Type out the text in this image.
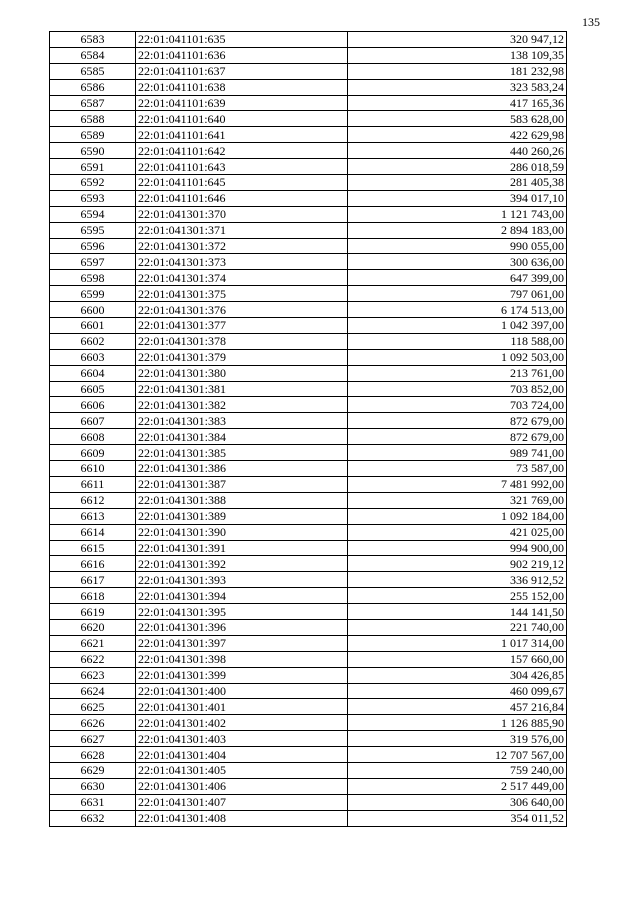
135
6583	22:01:041101:635	320 947,12
6584	22:01:041101:636	138 109,35
6585	22:01:041101:637	181 232,98
6586	22:01:041101:638	323 583,24
6587	22:01:041101:639	417 165,36
6588	22:01:041101:640	583 628,00
6589	22:01:041101:641	422 629,98
6590	22:01:041101:642	440 260,26
6591	22:01:041101:643	286 018,59
6592	22:01:041101:645	281 405,38
6593	22:01:041101:646	394 017,10
6594	22:01:041301:370	1 121 743,00
6595	22:01:041301:371	2 894 183,00
6596	22:01:041301:372	990 055,00
6597	22:01:041301:373	300 636,00
6598	22:01:041301:374	647 399,00
6599	22:01:041301:375	797 061,00
6600	22:01:041301:376	6 174 513,00
6601	22:01:041301:377	1 042 397,00
6602	22:01:041301:378	118 588,00
6603	22:01:041301:379	1 092 503,00
6604	22:01:041301:380	213 761,00
6605	22:01:041301:381	703 852,00
6606	22:01:041301:382	703 724,00
6607	22:01:041301:383	872 679,00
6608	22:01:041301:384	872 679,00
6609	22:01:041301:385	989 741,00
6610	22:01:041301:386	73 587,00
6611	22:01:041301:387	7 481 992,00
6612	22:01:041301:388	321 769,00
6613	22:01:041301:389	1 092 184,00
6614	22:01:041301:390	421 025,00
6615	22:01:041301:391	994 900,00
6616	22:01:041301:392	902 219,12
6617	22:01:041301:393	336 912,52
6618	22:01:041301:394	255 152,00
6619	22:01:041301:395	144 141,50
6620	22:01:041301:396	221 740,00
6621	22:01:041301:397	1 017 314,00
6622	22:01:041301:398	157 660,00
6623	22:01:041301:399	304 426,85
6624	22:01:041301:400	460 099,67
6625	22:01:041301:401	457 216,84
6626	22:01:041301:402	1 126 885,90
6627	22:01:041301:403	319 576,00
6628	22:01:041301:404	12 707 567,00
6629	22:01:041301:405	759 240,00
6630	22:01:041301:406	2 517 449,00
6631	22:01:041301:407	306 640,00
6632	22:01:041301:408	354 011,52
